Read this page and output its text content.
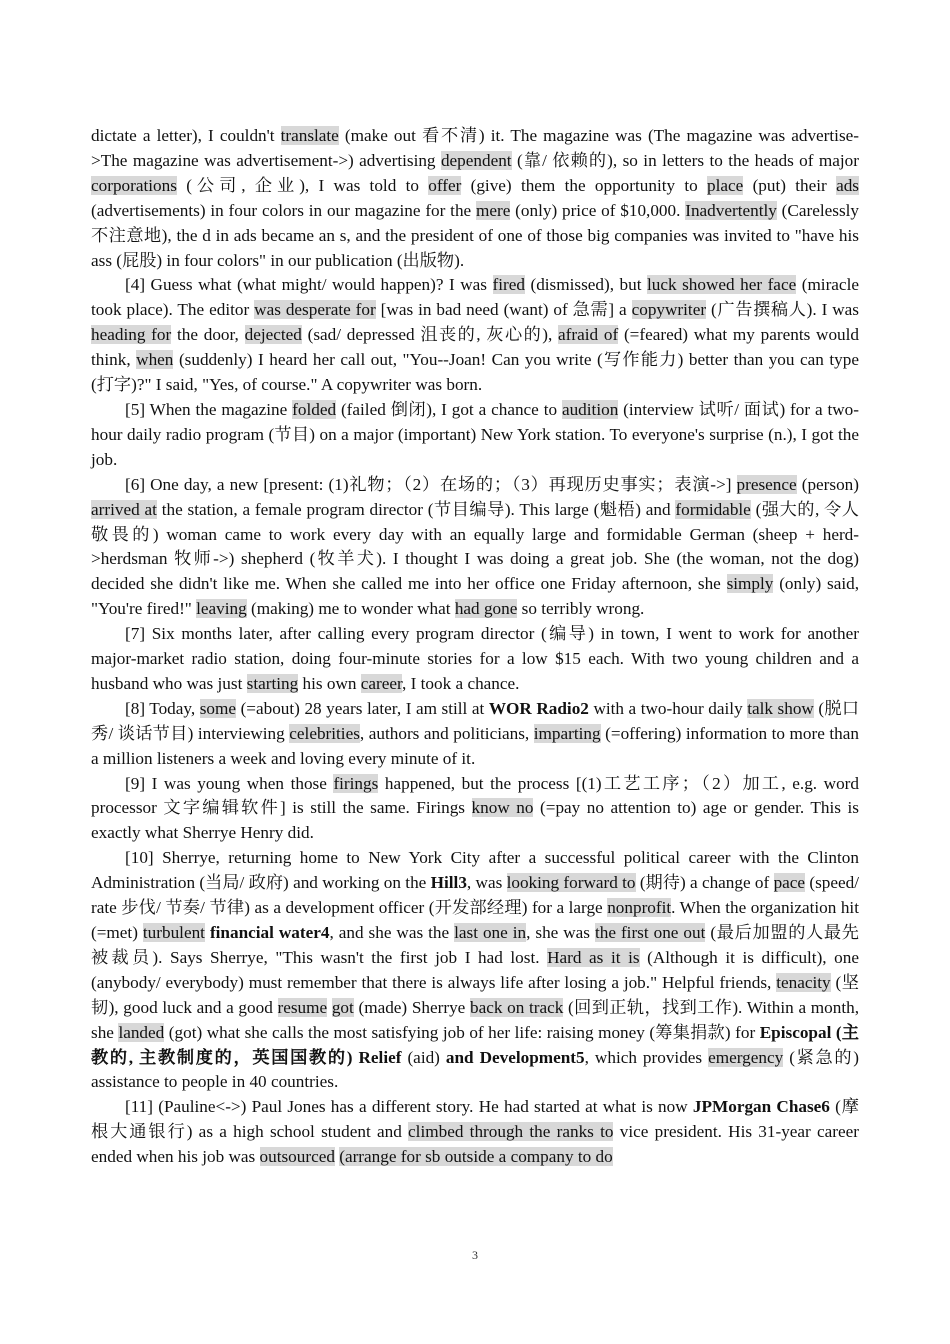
dictate a letter), I couldn't translate (make out 看不清) it. The magazine was (The magazine was advertise->The magazine was advertisement->) advertising dependent (靠/ 依赖的), so in letters to the heads of major corporations (公司, 企业), I was told to offer (give) them the opportunity to place (put) their ads (advertisements) in four colors in our magazine for the mere (only) price of $10,000. Inadvertently (Carelessly 不注意地), the d in ads became an s, and the president of one of those big companies was invited to "have his ass (屁股) in four colors" in our publication (出版物).

[4] Guess what (what might/ would happen)? I was fired (dismissed), but luck showed her face (miracle took place). The editor was desperate for [was in bad need (want) of 急需] a copywriter (广告撰稿人). I was heading for the door, dejected (sad/ depressed 沮丧的, 灰心的), afraid of (=feared) what my parents would think, when (suddenly) I heard her call out, "You--Joan! Can you write (写作能力) better than you can type (打字)?" I said, "Yes, of course." A copywriter was born.

[5] When the magazine folded (failed 倒闭), I got a chance to audition (interview 试听/ 面试) for a two-hour daily radio program (节目) on a major (important) New York station. To everyone's surprise (n.), I got the job.

[6] One day, a new [present: (1)礼物；（2）在场的；（3）再现历史事实；表演->] presence (person) arrived at the station, a female program director (节目编导). This large (魁梧) and formidable (强大的, 令人敬畏的) woman came to work every day with an equally large and formidable German (sheep + herd->herdsman 牧师->) shepherd (牧羊犬). I thought I was doing a great job. She (the woman, not the dog) decided she didn't like me. When she called me into her office one Friday afternoon, she simply (only) said, "You're fired!" leaving (making) me to wonder what had gone so terribly wrong.

[7] Six months later, after calling every program director (编导) in town, I went to work for another major-market radio station, doing four-minute stories for a low $15 each. With two young children and a husband who was just starting his own career, I took a chance.

[8] Today, some (=about) 28 years later, I am still at WOR Radio2 with a two-hour daily talk show (脱口秀/ 谈话节目) interviewing celebrities, authors and politicians, imparting (=offering) information to more than a million listeners a week and loving every minute of it.

[9] I was young when those firings happened, but the process [(1)工艺工序；（2）加工, e.g. word processor 文字编辑软件] is still the same. Firings know no (=pay no attention to) age or gender. This is exactly what Sherrye Henry did.

[10] Sherrye, returning home to New York City after a successful political career with the Clinton Administration (当局/ 政府) and working on the Hill3, was looking forward to (期待) a change of pace (speed/ rate 步伐/ 节奏/ 节律) as a development officer (开发部经理) for a large nonprofit. When the organization hit (=met) turbulent financial water4, and she was the last one in, she was the first one out (最后加盟的人最先被裁员). Says Sherrye, "This wasn't the first job I had lost. Hard as it is (Although it is difficult), one (anybody/ everybody) must remember that there is always life after losing a job." Helpful friends, tenacity (坚韧), good luck and a good resume got (made) Sherrye back on track (回到正轨，找到工作). Within a month, she landed (got) what she calls the most satisfying job of her life: raising money (筹集捐款) for Episcopal (主教的, 主教制度的，英国国教的) Relief (aid) and Development5, which provides emergency (紧急的) assistance to people in 40 countries.

[11] (Pauline<->) Paul Jones has a different story. He had started at what is now JPMorgan Chase6 (摩根大通银行) as a high school student and climbed through the ranks to vice president. His 31-year career ended when his job was outsourced (arrange for sb outside a company to do

3
